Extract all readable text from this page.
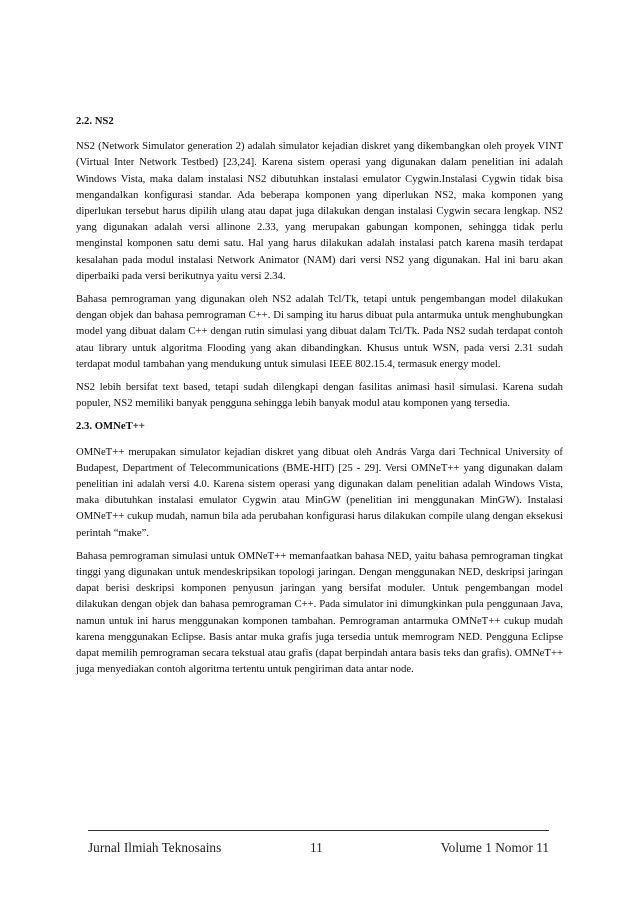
2.2. NS2

NS2 (Network Simulator generation 2) adalah simulator kejadian diskret yang dikembangkan oleh proyek VINT (Virtual Inter Network Testbed) [23,24]. Karena sistem operasi yang digunakan dalam penelitian ini adalah Windows Vista, maka dalam instalasi NS2 dibutuhkan instalasi emulator Cygwin.Instalasi Cygwin tidak bisa mengandalkan konfigurasi standar. Ada beberapa komponen yang diperlukan NS2, maka komponen yang diperlukan tersebut harus dipilih ulang atau dapat juga dilakukan dengan instalasi Cygwin secara lengkap. NS2 yang digunakan adalah versi allinone 2.33, yang merupakan gabungan komponen, sehingga tidak perlu menginstal komponen satu demi satu. Hal yang harus dilakukan adalah instalasi patch karena masih terdapat kesalahan pada modul instalasi Network Animator (NAM) dari versi NS2 yang digunakan. Hal ini baru akan diperbaiki pada versi berikutnya yaitu versi 2.34.

Bahasa pemrograman yang digunakan oleh NS2 adalah Tcl/Tk, tetapi untuk pengembangan model dilakukan dengan objek dan bahasa pemrograman C++. Di samping itu harus dibuat pula antarmuka untuk menghubungkan model yang dibuat dalam C++ dengan rutin simulasi yang dibuat dalam Tcl/Tk. Pada NS2 sudah terdapat contoh atau library untuk algoritma Flooding yang akan dibandingkan. Khusus untuk WSN, pada versi 2.31 sudah terdapat modul tambahan yang mendukung untuk simulasi IEEE 802.15.4, termasuk energy model.

NS2 lebih bersifat text based, tetapi sudah dilengkapi dengan fasilitas animasi hasil simulasi. Karena sudah populer, NS2 memiliki banyak pengguna sehingga lebih banyak modul atau komponen yang tersedia.

2.3. OMNeT++

OMNeT++ merupakan simulator kejadian diskret yang dibuat oleh András Varga dari Technical University of Budapest, Department of Telecommunications (BME-HIT) [25 - 29]. Versi OMNeT++ yang digunakan dalam penelitian ini adalah versi 4.0. Karena sistem operasi yang digunakan dalam penelitian adalah Windows Vista, maka dibutuhkan instalasi emulator Cygwin atau MinGW (penelitian ini menggunakan MinGW). Instalasi OMNeT++ cukup mudah, namun bila ada perubahan konfigurasi harus dilakukan compile ulang dengan eksekusi perintah “make”.

Bahasa pemrograman simulasi untuk OMNeT++ memanfaatkan bahasa NED, yaitu bahasa pemrograman tingkat tinggi yang digunakan untuk mendeskripsikan topologi jaringan. Dengan menggunakan NED, deskripsi jaringan dapat berisi deskripsi komponen penyusun jaringan yang bersifat moduler. Untuk pengembangan model dilakukan dengan objek dan bahasa pemrograman C++. Pada simulator ini dimungkinkan pula penggunaan Java, namun untuk ini harus menggunakan komponen tambahan. Pemrograman antarmuka OMNeT++ cukup mudah karena menggunakan Eclipse. Basis antar muka grafis juga tersedia untuk memrogram NED. Pengguna Eclipse dapat memilih pemrograman secara tekstual atau grafis (dapat berpindah antara basis teks dan grafis). OMNeT++ juga menyediakan contoh algoritma tertentu untuk pengiriman data antar node.

Jurnal Ilmiah Teknosains	11	Volume 1 Nomor 11
